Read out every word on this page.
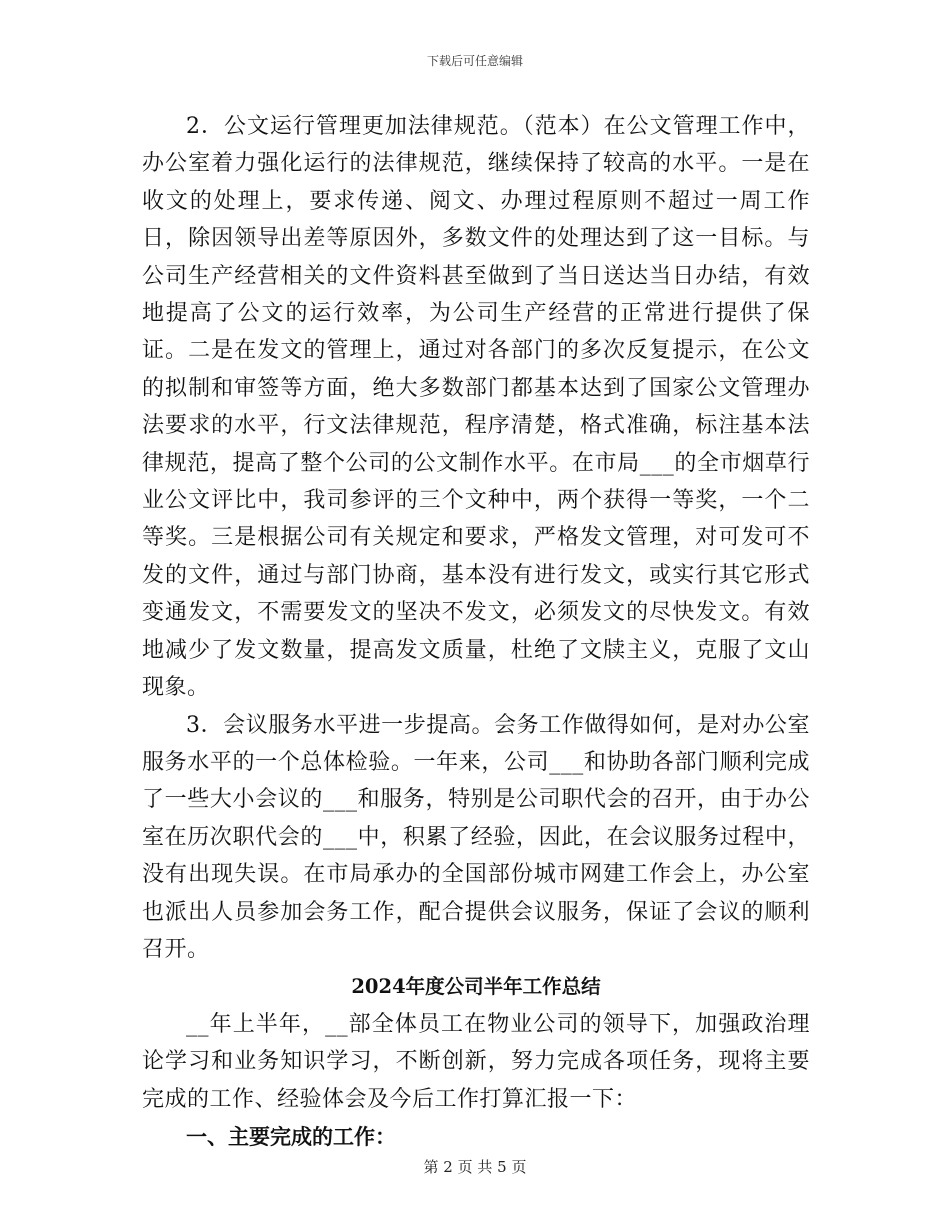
下载后可任意编辑

2．公文运行管理更加法律规范。（范本）在公文管理工作中，办公室着力强化运行的法律规范，继续保持了较高的水平。一是在收文的处理上，要求传递、阅文、办理过程原则不超过一周工作日，除因领导出差等原因外，多数文件的处理达到了这一目标。与公司生产经营相关的文件资料甚至做到了当日送达当日办结，有效地提高了公文的运行效率，为公司生产经营的正常进行提供了保证。二是在发文的管理上，通过对各部门的多次反复提示，在公文的拟制和审签等方面，绝大多数部门都基本达到了国家公文管理办法要求的水平，行文法律规范，程序清楚，格式准确，标注基本法律规范，提高了整个公司的公文制作水平。在市局___的全市烟草行业公文评比中，我司参评的三个文种中，两个获得一等奖，一个二等奖。三是根据公司有关规定和要求，严格发文管理，对可发可不发的文件，通过与部门协商，基本没有进行发文，或实行其它形式变通发文，不需要发文的坚决不发文，必须发文的尽快发文。有效地减少了发文数量，提高发文质量，杜绝了文牍主义，克服了文山现象。

3．会议服务水平进一步提高。会务工作做得如何，是对办公室服务水平的一个总体检验。一年来，公司___和协助各部门顺利完成了一些大小会议的___和服务，特别是公司职代会的召开，由于办公室在历次职代会的___中，积累了经验，因此，在会议服务过程中，没有出现失误。在市局承办的全国部份城市网建工作会上，办公室也派出人员参加会务工作，配合提供会议服务，保证了会议的顺利召开。

2024年度公司半年工作总结

__年上半年，__部全体员工在物业公司的领导下，加强政治理论学习和业务知识学习，不断创新，努力完成各项任务，现将主要完成的工作、经验体会及今后工作打算汇报一下：

一、主要完成的工作：

第 2 页 共 5 页
